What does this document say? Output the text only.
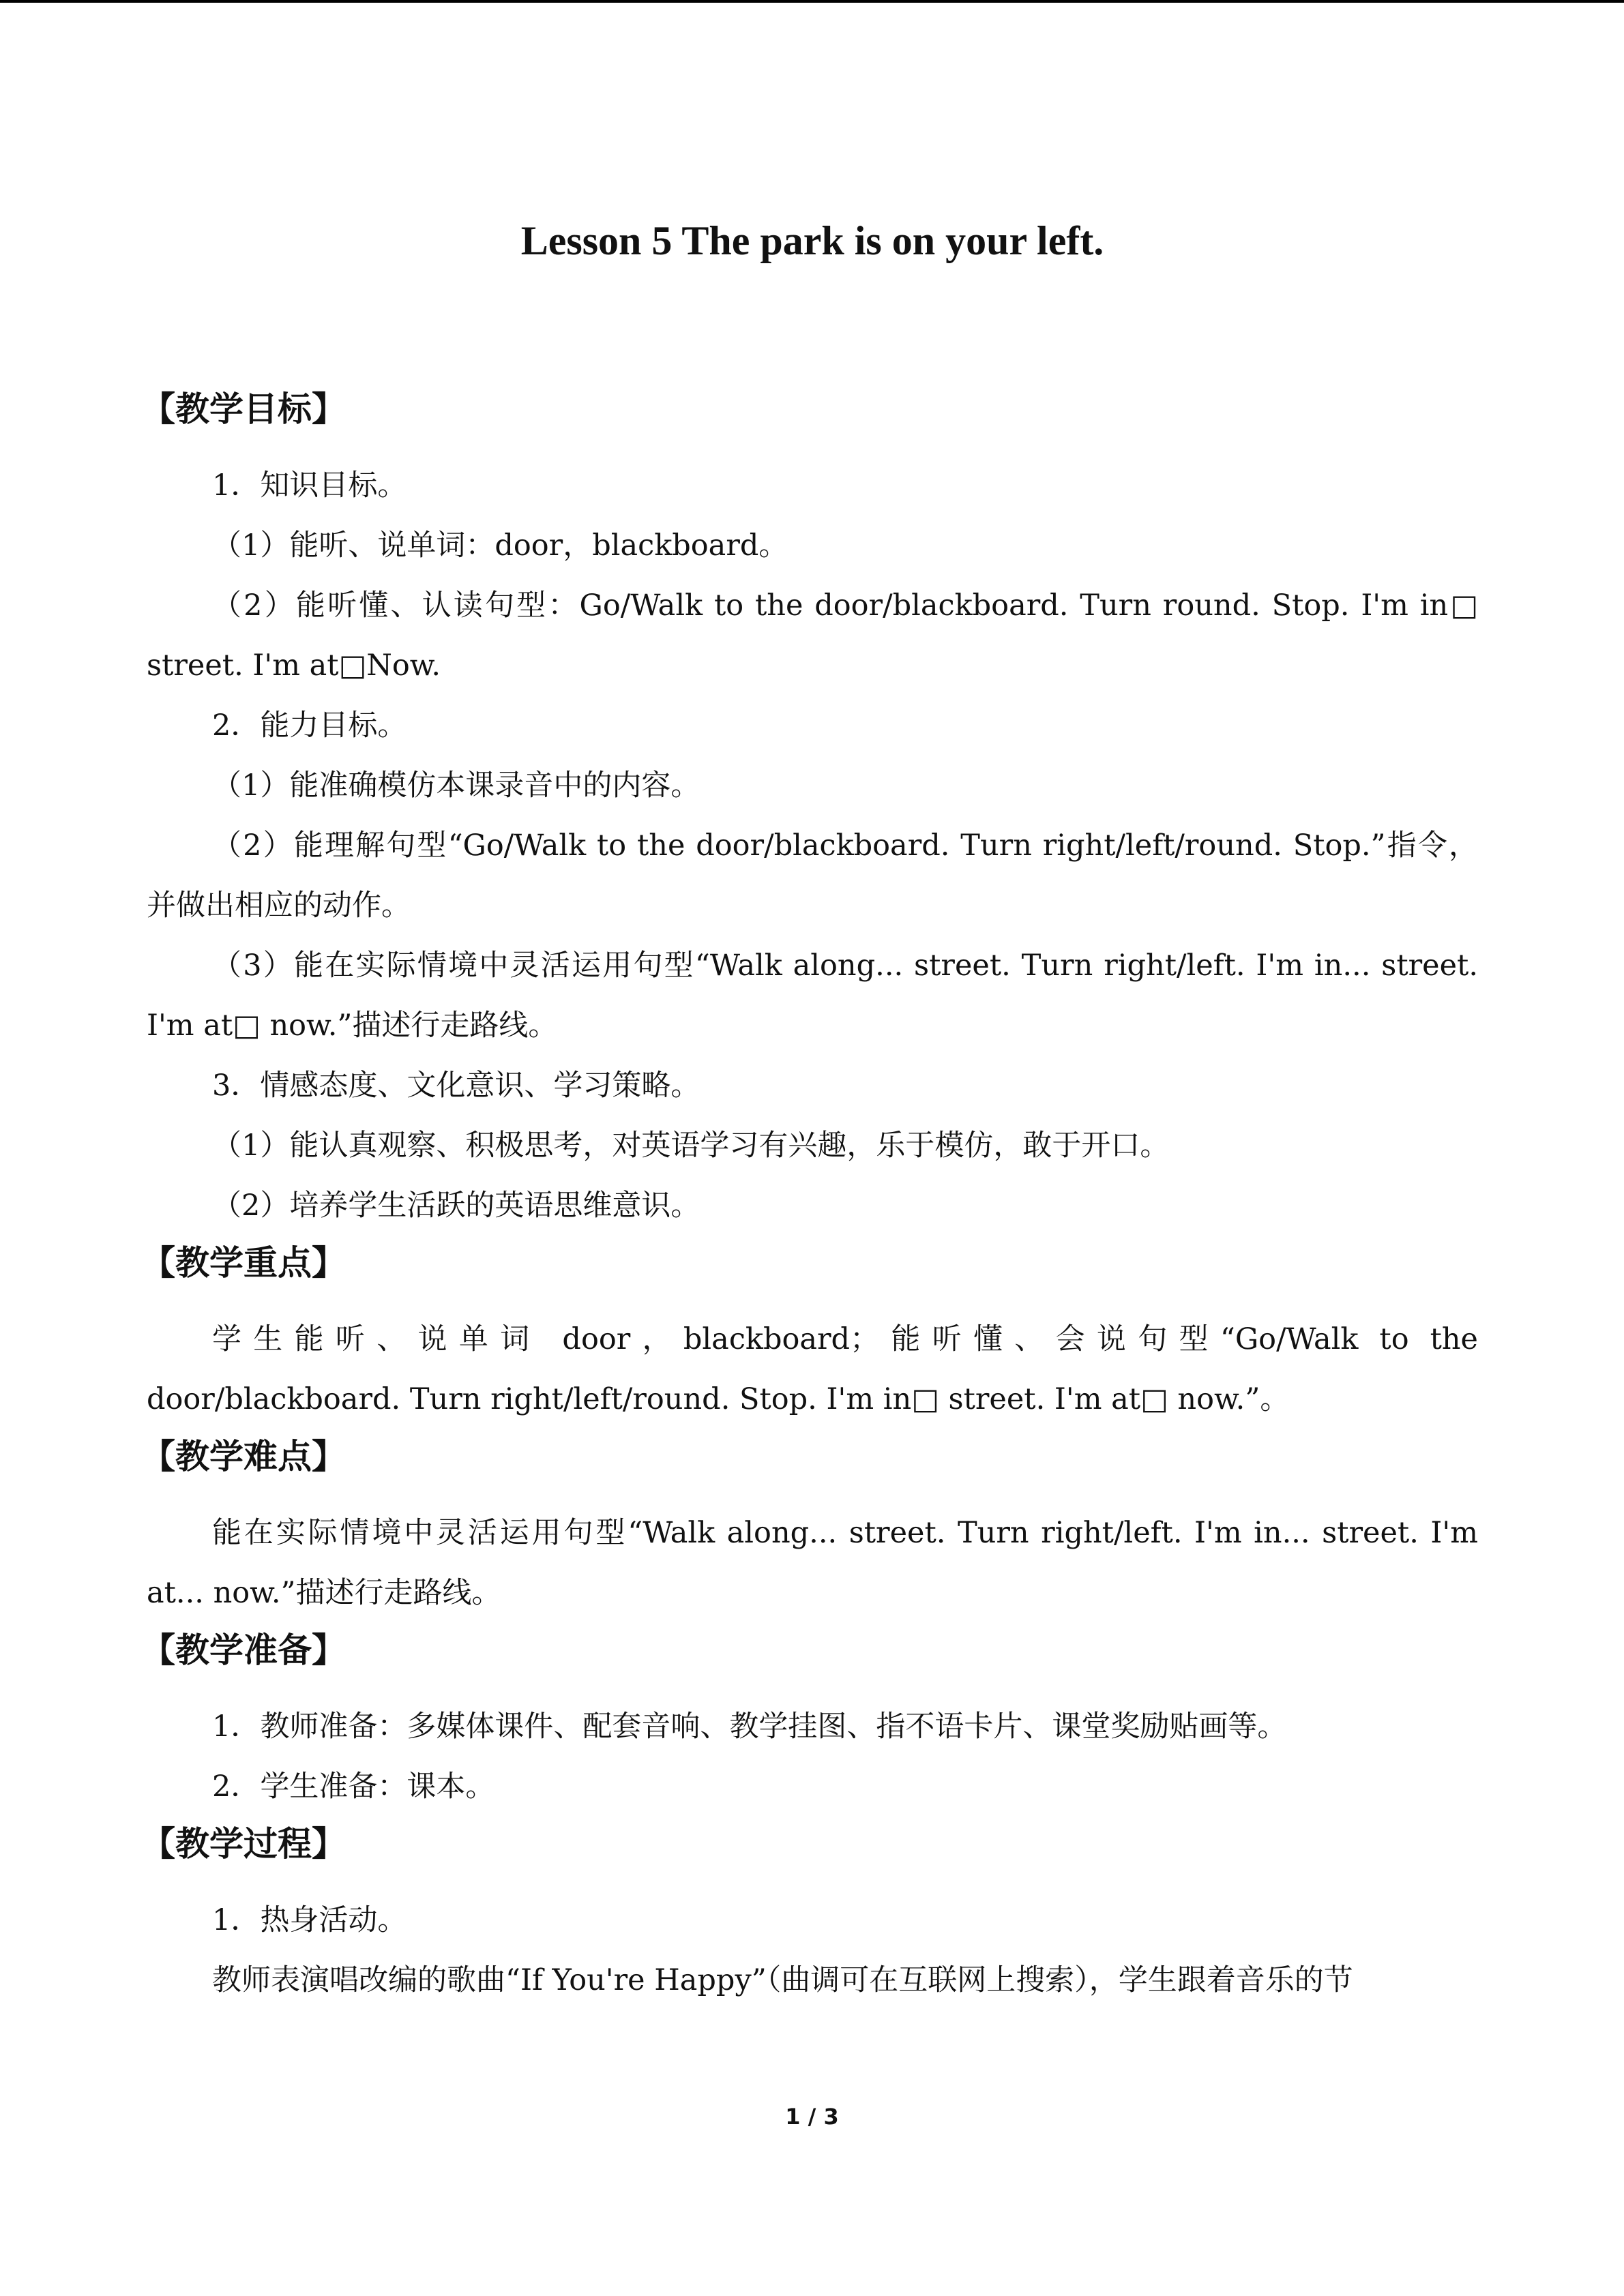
Lesson 5 The park is on your left.
【教学目标】

1．知识目标。

（1）能听、说单词：door，blackboard。

（2）能听懂、认读句型：Go/Walk to the door/blackboard. Turn round. Stop. I'm in□ street. I'm at□Now.

2．能力目标。

（1）能准确模仿本课录音中的内容。

（2）能理解句型“Go/Walk to the door/blackboard. Turn right/left/round. Stop.”指令，并做出相应的动作。

（3）能在实际情境中灵活运用句型“Walk along... street. Turn right/left. I'm in... street. I'm at□ now.”描述行走路线。

3．情感态度、文化意识、学习策略。

（1）能认真观察、积极思考，对英语学习有兴趣，乐于模仿，敢于开口。

（2）培养学生活跃的英语思维意识。

【教学重点】

学生能听、说单词 door，blackboard；能听懂、会说句型“Go/Walk to the door/blackboard. Turn right/left/round. Stop. I'm in□ street. I'm at□ now.”。

【教学难点】

能在实际情境中灵活运用句型“Walk along... street. Turn right/left. I'm in... street. I'm at... now.”描述行走路线。

【教学准备】

1．教师准备：多媒体课件、配套音响、教学挂图、指不语卡片、课堂奖励贴画等。

2．学生准备：课本。

【教学过程】

1．热身活动。

教师表演唱改编的歌曲“If You're Happy”（曲调可在互联网上搜索），学生跟着音乐的节

1 / 3
